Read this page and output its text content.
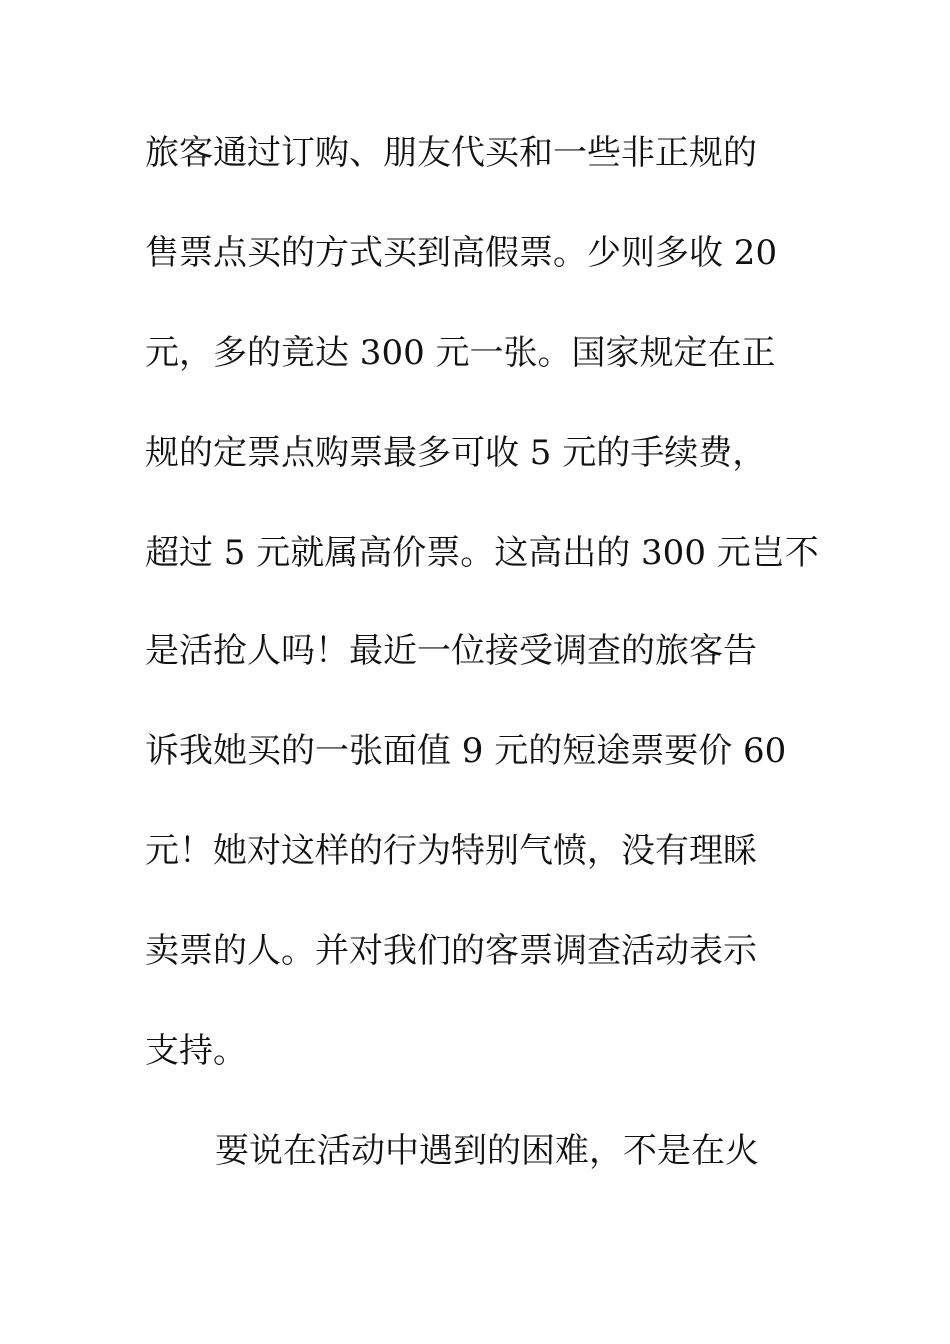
旅客通过订购、朋友代买和一些非正规的
售票点买的方式买到高假票。少则多收 20
元，多的竟达 300 元一张。国家规定在正
规的定票点购票最多可收 5 元的手续费，
超过 5 元就属高价票。这高出的 300 元岂不
是活抢人吗！最近一位接受调查的旅客告
诉我她买的一张面值 9 元的短途票要价 60
元！她对这样的行为特别气愤，没有理睬
卖票的人。并对我们的客票调查活动表示
支持。
要说在活动中遇到的困难，不是在火
